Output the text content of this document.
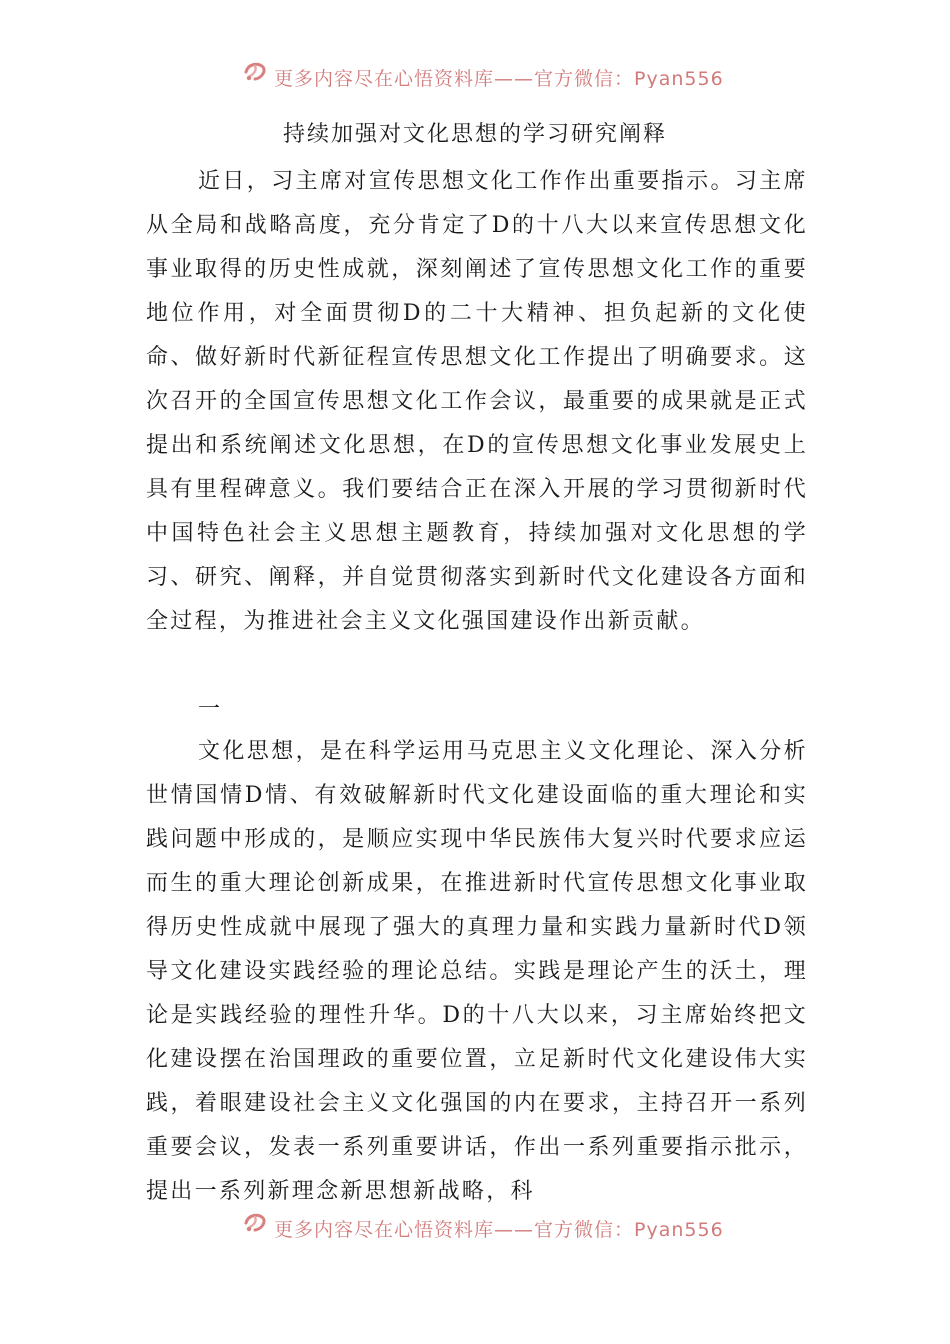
更多内容尽在心悟资料库——官方微信：Pyan556
持续加强对文化思想的学习研究阐释

近日，习主席对宣传思想文化工作作出重要指示。习主席从全局和战略高度，充分肯定了D的十八大以来宣传思想文化事业取得的历史性成就，深刻阐述了宣传思想文化工作的重要地位作用，对全面贯彻D的二十大精神、担负起新的文化使命、做好新时代新征程宣传思想文化工作提出了明确要求。这次召开的全国宣传思想文化工作会议，最重要的成果就是正式提出和系统阐述文化思想，在D的宣传思想文化事业发展史上具有里程碑意义。我们要结合正在深入开展的学习贯彻新时代中国特色社会主义思想主题教育，持续加强对文化思想的学习、研究、阐释，并自觉贯彻落实到新时代文化建设各方面和全过程，为推进社会主义文化强国建设作出新贡献。

一

文化思想，是在科学运用马克思主义文化理论、深入分析世情国情D情、有效破解新时代文化建设面临的重大理论和实践问题中形成的，是顺应实现中华民族伟大复兴时代要求应运而生的重大理论创新成果，在推进新时代宣传思想文化事业取得历史性成就中展现了强大的真理力量和实践力量新时代D领导文化建设实践经验的理论总结。实践是理论产生的沃土，理论是实践经验的理性升华。D的十八大以来，习主席始终把文化建设摆在治国理政的重要位置，立足新时代文化建设伟大实践，着眼建设社会主义文化强国的内在要求，主持召开一系列重要会议，发表一系列重要讲话，作出一系列重要指示批示，提出一系列新理念新思想新战略，科

更多内容尽在心悟资料库——官方微信：Pyan556
